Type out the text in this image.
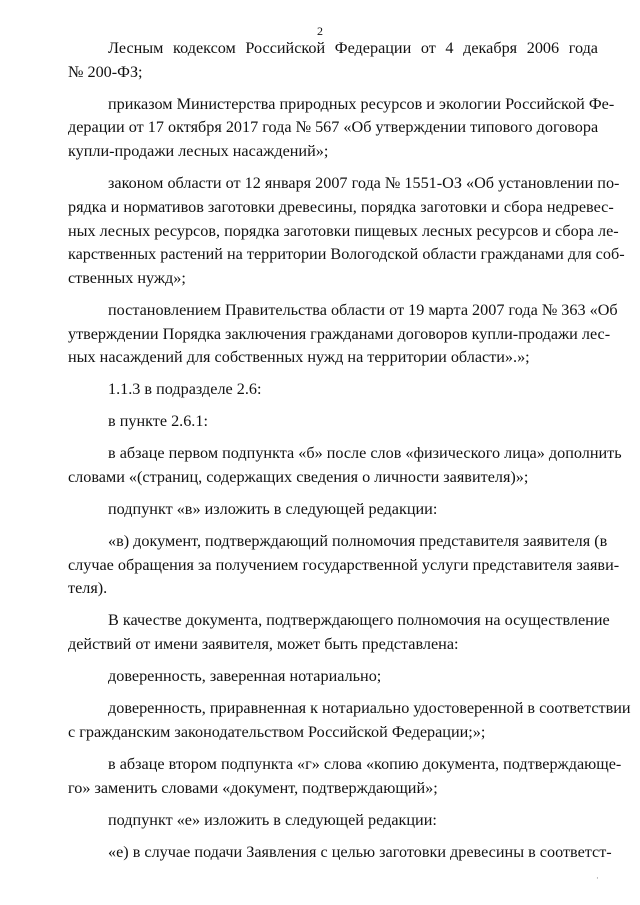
2

Лесным кодексом Российской Федерации от 4 декабря 2006 года
№ 200-ФЗ;

приказом Министерства природных ресурсов и экологии Российской Фе-
дерации от 17 октября 2017 года № 567 «Об утверждении типового договора
купли-продажи лесных насаждений»;

законом области от 12 января 2007 года № 1551-ОЗ «Об установлении по-
рядка и нормативов заготовки древесины, порядка заготовки и сбора недревес-
ных лесных ресурсов, порядка заготовки пищевых лесных ресурсов и сбора ле-
карственных растений на территории Вологодской области гражданами для соб-
ственных нужд»;

постановлением Правительства области от 19 марта 2007 года № 363 «Об
утверждении Порядка заключения гражданами договоров купли-продажи лес-
ных насаждений для собственных нужд на территории области».»;

1.1.3 в подразделе 2.6:

в пункте 2.6.1:

в абзаце первом подпункта «б» после слов «физического лица» дополнить
словами «(страниц, содержащих сведения о личности заявителя)»;

подпункт «в» изложить в следующей редакции:

«в) документ, подтверждающий полномочия представителя заявителя (в
случае обращения за получением государственной услуги представителя заяви-
теля).

В качестве документа, подтверждающего полномочия на осуществление
действий от имени заявителя, может быть представлена:

доверенность, заверенная нотариально;

доверенность, приравненная к нотариально удостоверенной в соответствии
с гражданским законодательством Российской Федерации;»;

в абзаце втором подпункта «г» слова «копию документа, подтверждающе-
го» заменить словами «документ, подтверждающий»;

подпункт «е» изложить в следующей редакции:

«е) в случае подачи Заявления с целью заготовки древесины в соответст-

·
